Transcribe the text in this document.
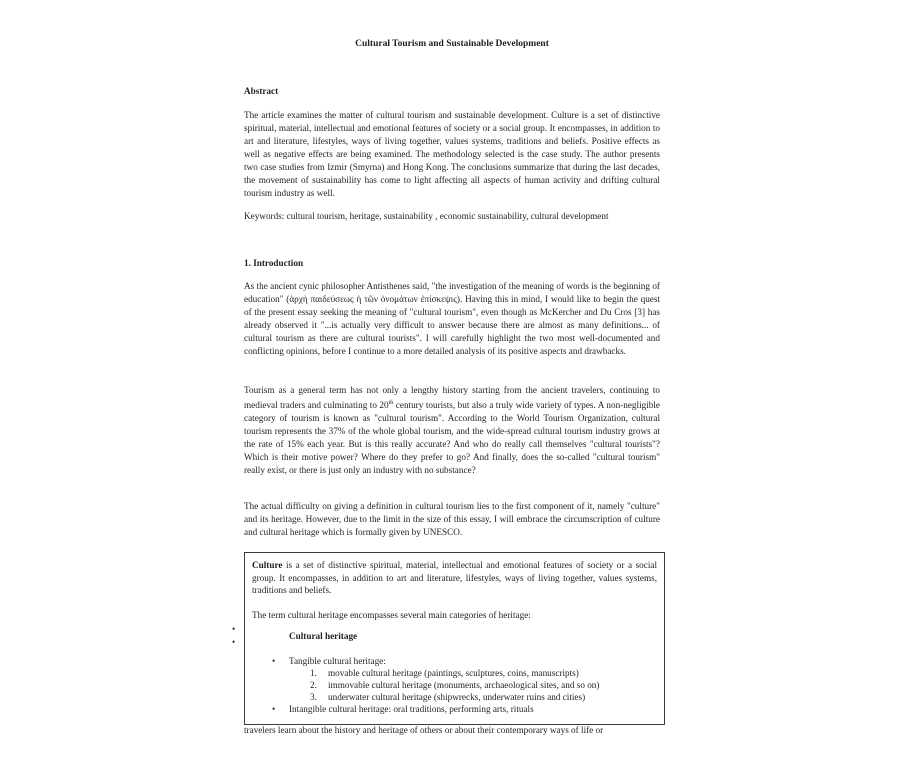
Cultural Tourism and Sustainable Development
Abstract

The article examines the matter of cultural tourism and sustainable development. Culture is a set of distinctive spiritual, material, intellectual and emotional features of society or a social group. It encompasses, in addition to art and literature, lifestyles, ways of living together, values systems, traditions and beliefs. Positive effects as well as negative effects are being examined. The methodology selected is the case study. The author presents two case studies from Izmir (Smyrna) and Hong Kong. The conclusions summarize that during the last decades, the movement of sustainability has come to light affecting all aspects of human activity and drifting cultural tourism industry as well.

Keywords: cultural tourism, heritage, sustainability , economic sustainability, cultural development

1. Introduction

As the ancient cynic philosopher Antisthenes said, "the investigation of the meaning of words is the beginning of education" (ἀρχὴ παιδεύσεως ἡ τῶν ὀνομάτων ἐπίσκεψις). Having this in mind, I would like to begin the quest of the present essay seeking the meaning of "cultural tourism", even though as McKercher and Du Cros [3] has already observed it "...is actually very difficult to answer because there are almost as many definitions... of cultural tourism as there are cultural tourists". I will carefully highlight the two most well-documented and conflicting opinions, before I continue to a more detailed analysis of its positive aspects and drawbacks.

Tourism as a general term has not only a lengthy history starting from the ancient travelers, continuing to medieval traders and culminating to 20th century tourists, but also a truly wide variety of types. A non-negligible category of tourism is known as "cultural tourism". According to the World Tourism Organization, cultural tourism represents the 37% of the whole global tourism, and the wide-spread cultural tourism industry grows at the rate of 15% each year. But is this really accurate? And who do really call themselves "cultural tourists"? Which is their motive power? Where do they prefer to go? And finally, does the so-called "cultural tourism" really exist, or there is just only an industry with no substance?

The actual difficulty on giving a definition in cultural tourism lies to the first component of it, namely "culture" and its heritage. However, due to the limit in the size of this essay, I will embrace the circumscription of culture and cultural heritage which is formally given by UNESCO.

Culture is a set of distinctive spiritual, material, intellectual and emotional features of society or a social group. It encompasses, in addition to art and literature, lifestyles, ways of living together, values systems, traditions and beliefs.

The term cultural heritage encompasses several main categories of heritage:

Cultural heritage
• Tangible cultural heritage:
1. movable cultural heritage (paintings, sculptures, coins, manuscripts)
2. immovable cultural heritage (monuments, archaeological sites, and so on)
3. underwater cultural heritage (shipwrecks, underwater ruins and cities)
• Intangible cultural heritage: oral traditions, performing arts, rituals
•
•
travelers learn about the history and heritage of others or about their contemporary ways of life or
